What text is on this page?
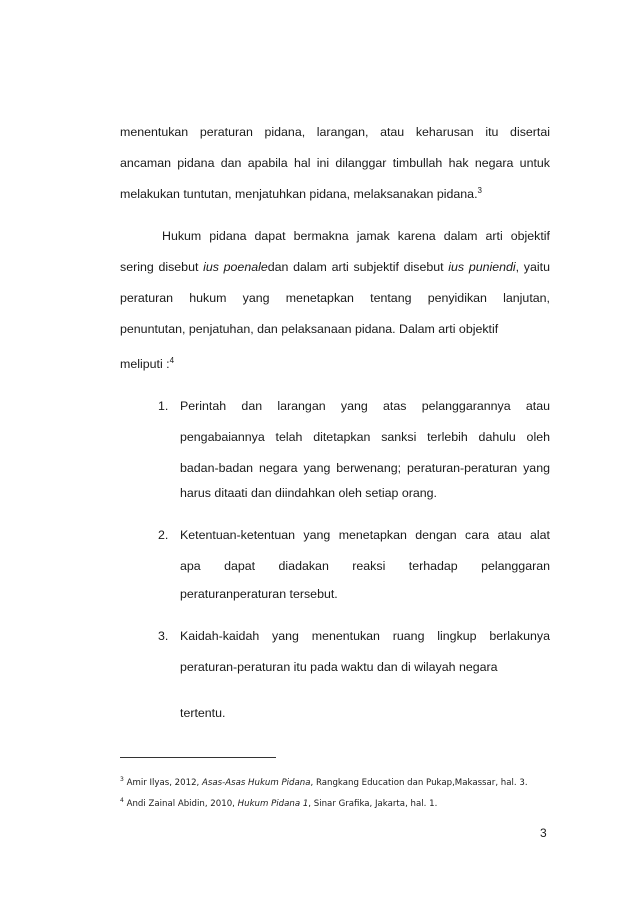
menentukan peraturan pidana, larangan, atau keharusan itu disertai
ancaman pidana dan apabila hal ini dilanggar timbullah hak negara untuk
melakukan tuntutan, menjatuhkan pidana, melaksanakan pidana.$^3$
Hukum pidana dapat bermakna jamak karena dalam arti objektif
sering disebut ius poenaledan dalam arti subjektif disebut ius puniendi, yaitu
peraturan hukum yang menetapkan tentang penyidikan lanjutan,
penuntutan, penjatuhan, dan pelaksanaan pidana. Dalam arti objektif
meliputi :$^4$
1. Perintah dan larangan yang atas pelanggarannya atau
pengabaiannya telah ditetapkan sanksi terlebih dahulu oleh
badan-badan negara yang berwenang; peraturan-peraturan yang
harus ditaati dan diindahkan oleh setiap orang.
2. Ketentuan-ketentuan yang menetapkan dengan cara atau alat
apa dapat diadakan reaksi terhadap pelanggaran
peraturanperaturan tersebut.
3. Kaidah-kaidah yang menentukan ruang lingkup berlakunya
peraturan-peraturan itu pada waktu dan di wilayah negara
tertentu.
$^3$ Amir Ilyas, 2012, Asas-Asas Hukum Pidana, Rangkang Education dan Pukap,Makassar, hal. 3.
$^4$ Andi Zainal Abidin, 2010, Hukum Pidana 1, Sinar Grafika, Jakarta, hal. 1.
3
